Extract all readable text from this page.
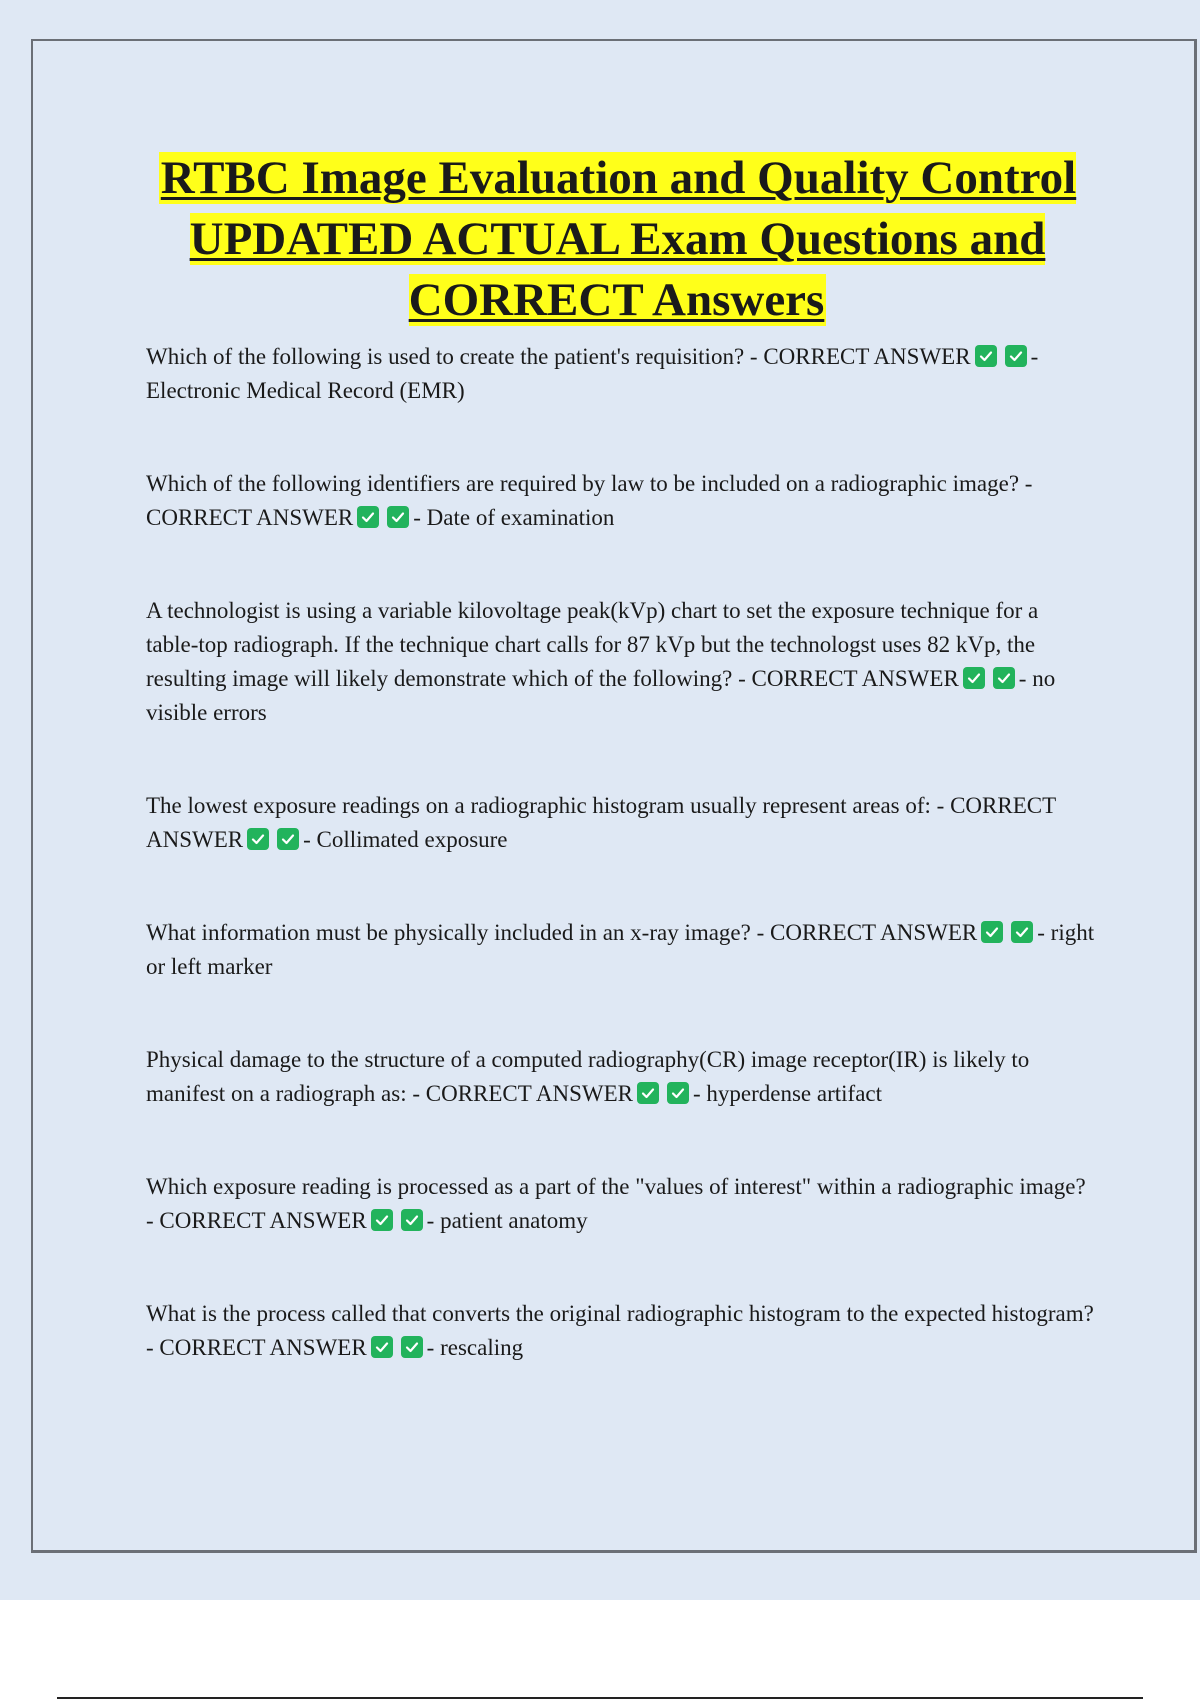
RTBC Image Evaluation and Quality Control UPDATED ACTUAL Exam Questions and CORRECT Answers

Which of the following is used to create the patient's requisition? - CORRECT ANSWER	- Electronic Medical Record (EMR)

Which of the following identifiers are required by law to be included on a radiographic image? - CORRECT ANSWER	- Date of examination

A technologist is using a variable kilovoltage peak(kVp) chart to set the exposure technique for a table-top radiograph. If the technique chart calls for 87 kVp but the technologst uses 82 kVp, the resulting image will likely demonstrate which of the following? - CORRECT ANSWER	- no visible errors

The lowest exposure readings on a radiographic histogram usually represent areas of: - CORRECT ANSWER	- Collimated exposure

What information must be physically included in an x-ray image? - CORRECT ANSWER	- right or left marker

Physical damage to the structure of a computed radiography(CR) image receptor(IR) is likely to manifest on a radiograph as: - CORRECT ANSWER	- hyperdense artifact

Which exposure reading is processed as a part of the "values of interest" within a radiographic image? - CORRECT ANSWER	- patient anatomy

What is the process called that converts the original radiographic histogram to the expected histogram? - CORRECT ANSWER	- rescaling
